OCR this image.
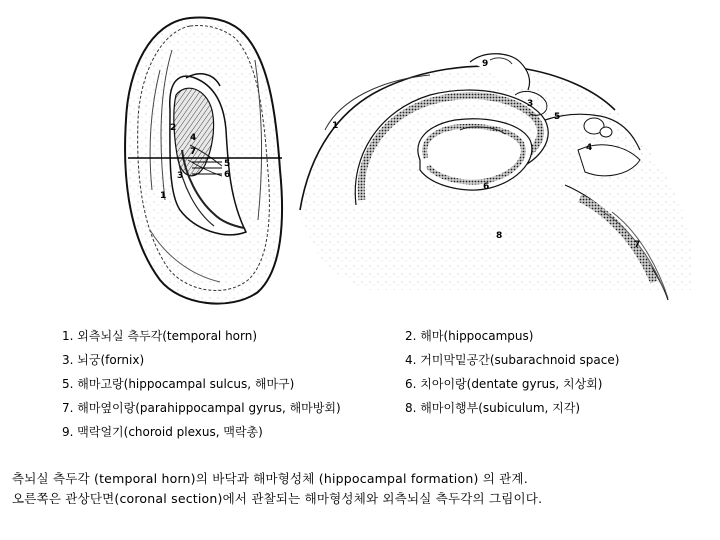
1
2
3
4
5
6
7
1
3
4
5
6
7
8
9
1. 외측뇌실 측두각(temporal horn)	2. 해마(hippocampus)
3. 뇌궁(fornix)	4. 거미막밑공간(subarachnoid space)
5. 해마고랑(hippocampal sulcus, 해마구)	6. 치아이랑(dentate gyrus, 치상회)
7. 해마옆이랑(parahippocampal gyrus, 해마방회)	8. 해마이행부(subiculum, 지각)
9. 맥락얼기(choroid plexus, 맥락총)
측뇌실 측두각 (temporal horn)의 바닥과 해마형성체 (hippocampal formation) 의 관계.
오른쪽은 관상단면(coronal section)에서 관찰되는 해마형성체와 외측뇌실 측두각의 그림이다.
